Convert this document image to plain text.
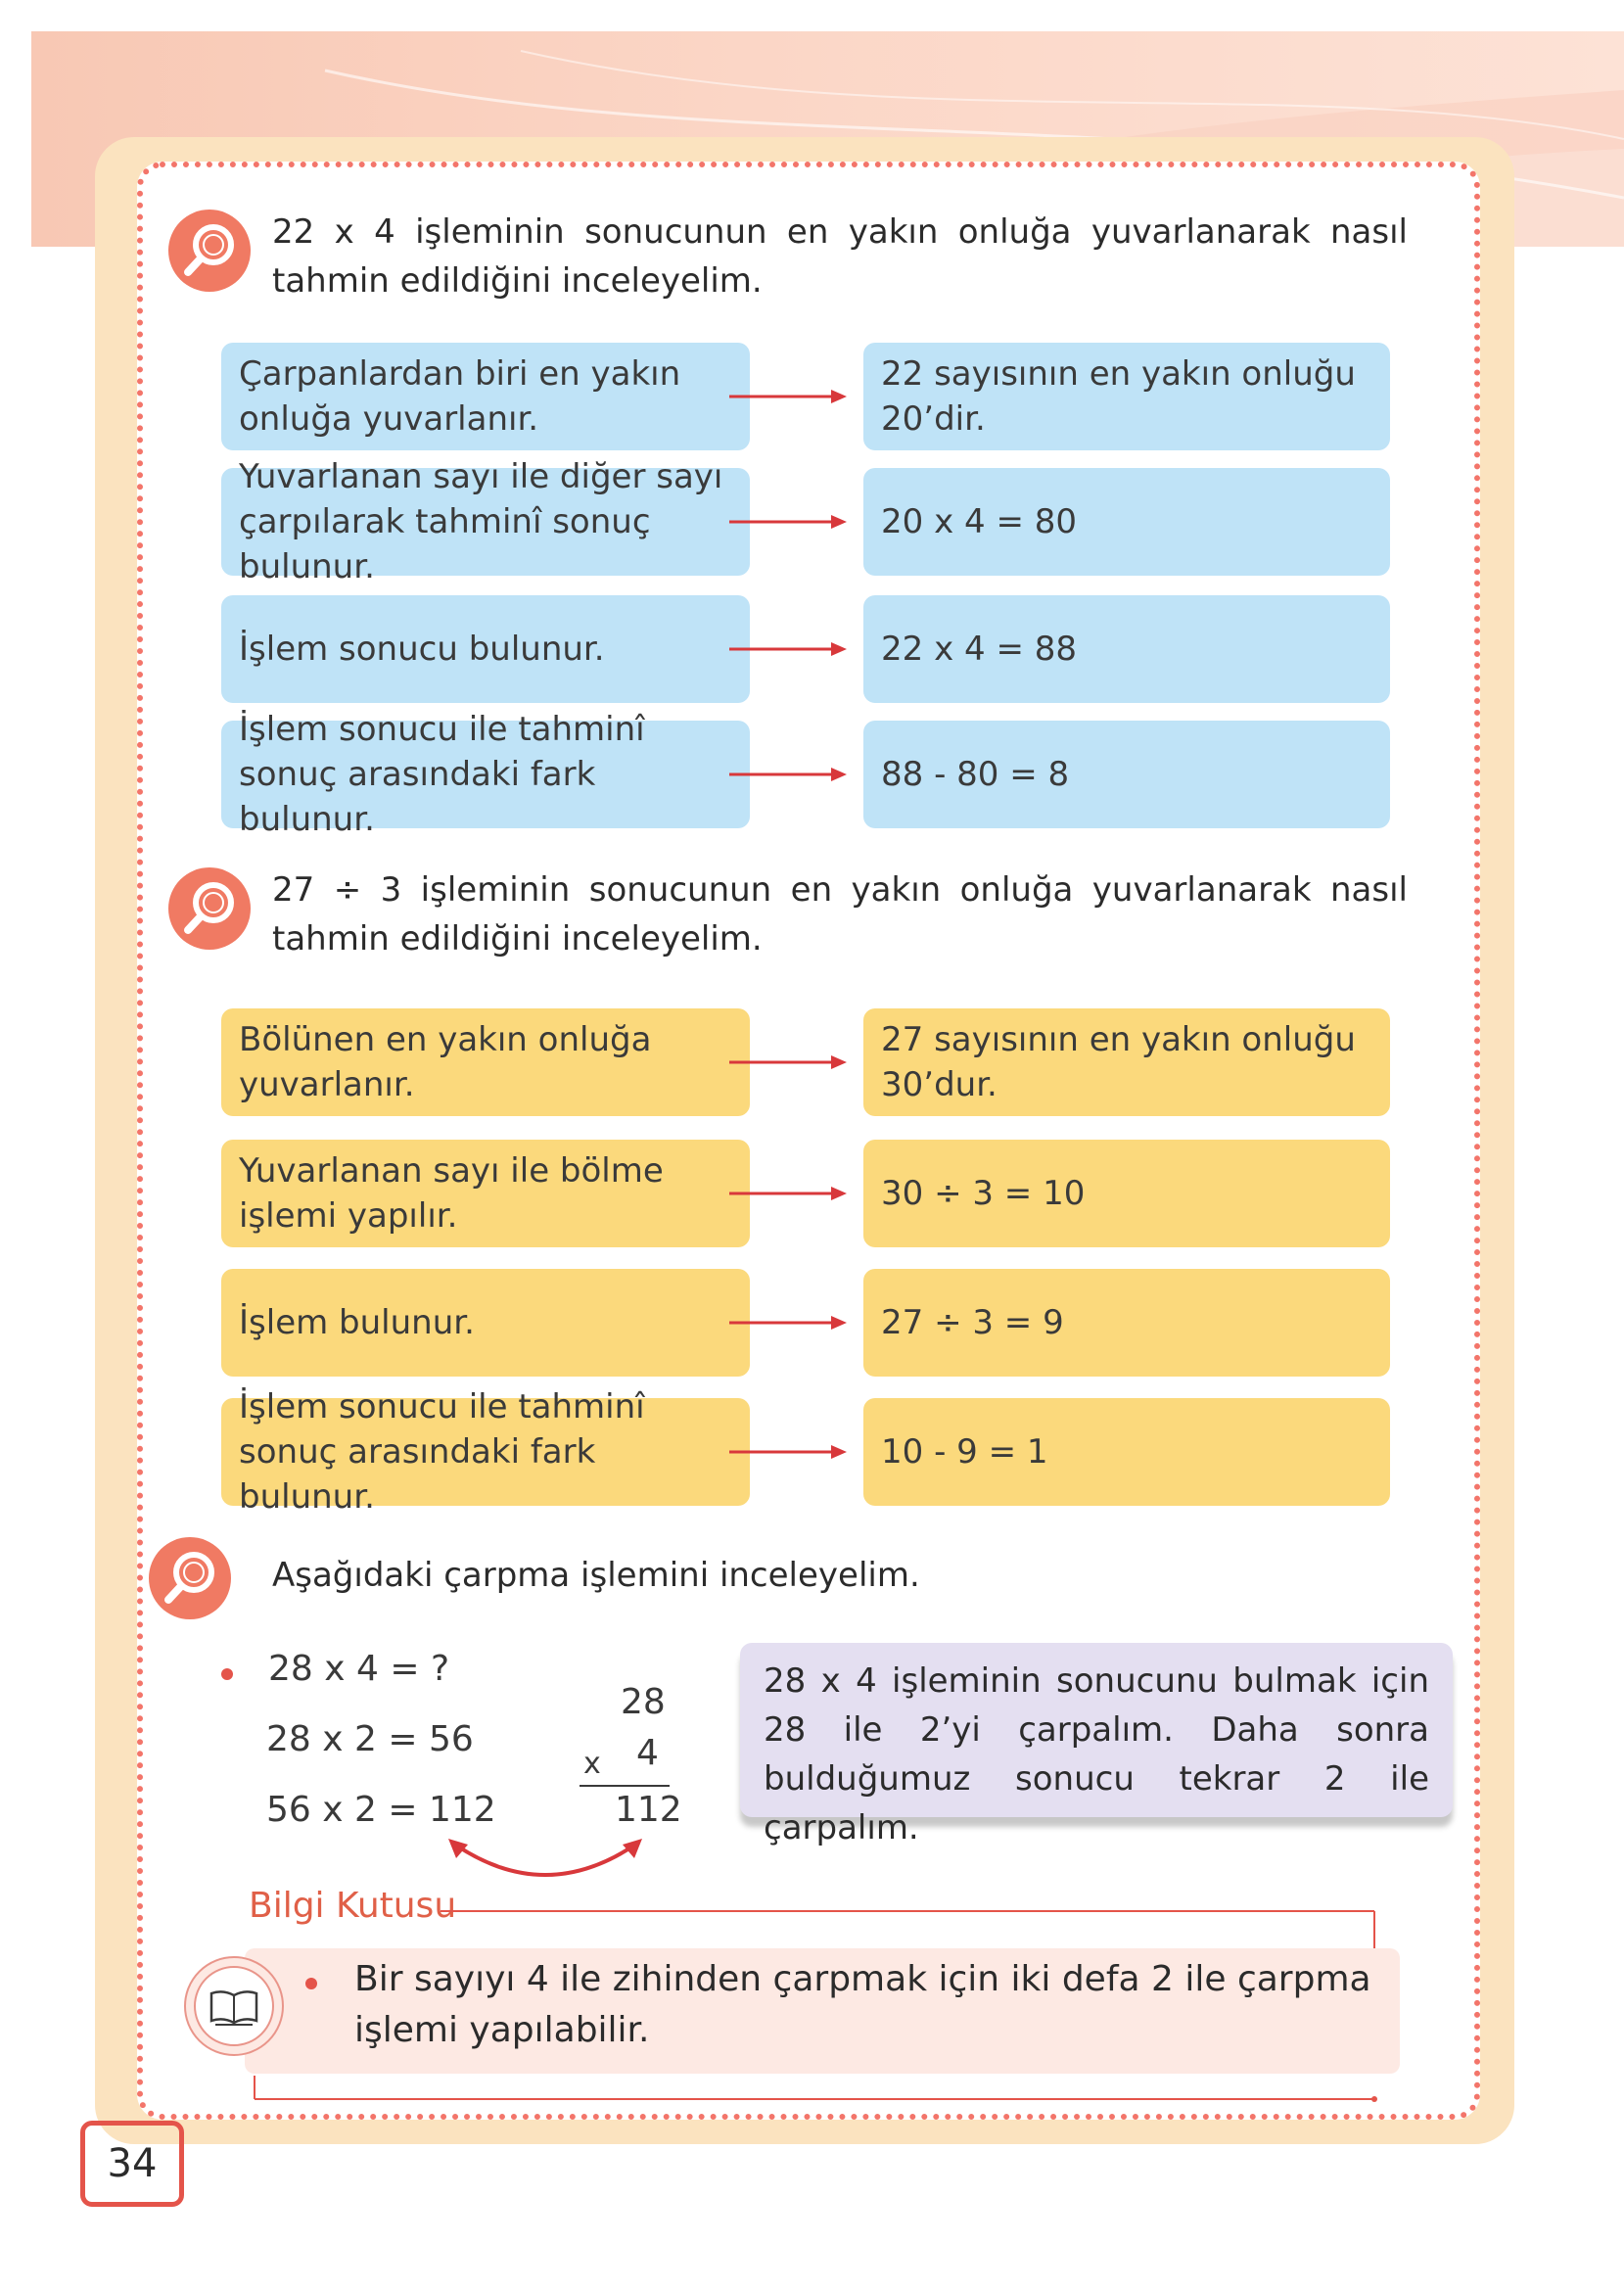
22 x 4 işleminin sonucunun en yakın onluğa yuvarlanarak nasıl tahmin edildiğini inceleyelim.
Çarpanlardan biri en yakın onluğa yuvarlanır.
22 sayısının en yakın onluğu 20’dir.
Yuvarlanan sayı ile diğer sayı çarpılarak tahminî sonuç bulunur.
20 x 4 = 80
İşlem sonucu bulunur.	22 x 4 = 88
İşlem sonucu ile tahminî sonuç arasındaki fark bulunur.
88 - 80 = 8
27 ÷ 3 işleminin sonucunun en yakın onluğa yuvarlanarak nasıl tahmin edildiğini inceleyelim.
Bölünen en yakın onluğa yuvarlanır.
27 sayısının en yakın onluğu 30’dur.
Yuvarlanan sayı ile bölme işlemi yapılır.
30 ÷ 3 = 10
İşlem bulunur.	27 ÷ 3 = 9
İşlem sonucu ile tahminî sonuç arasındaki fark bulunur.
10 - 9 = 1
Aşağıdaki çarpma işlemini inceleyelim.
28 x 4 = ?
28 x 2 = 56
56 x 2 = 112
28
x 4
112
28 x 4 işleminin sonucunu bulmak için 28 ile 2’yi çarpalım. Daha sonra bulduğumuz sonucu tekrar 2 ile çarpalım.
Bilgi Kutusu
Bir sayıyı 4 ile zihinden çarpmak için iki defa 2 ile çarpma işlemi yapılabilir.
34
